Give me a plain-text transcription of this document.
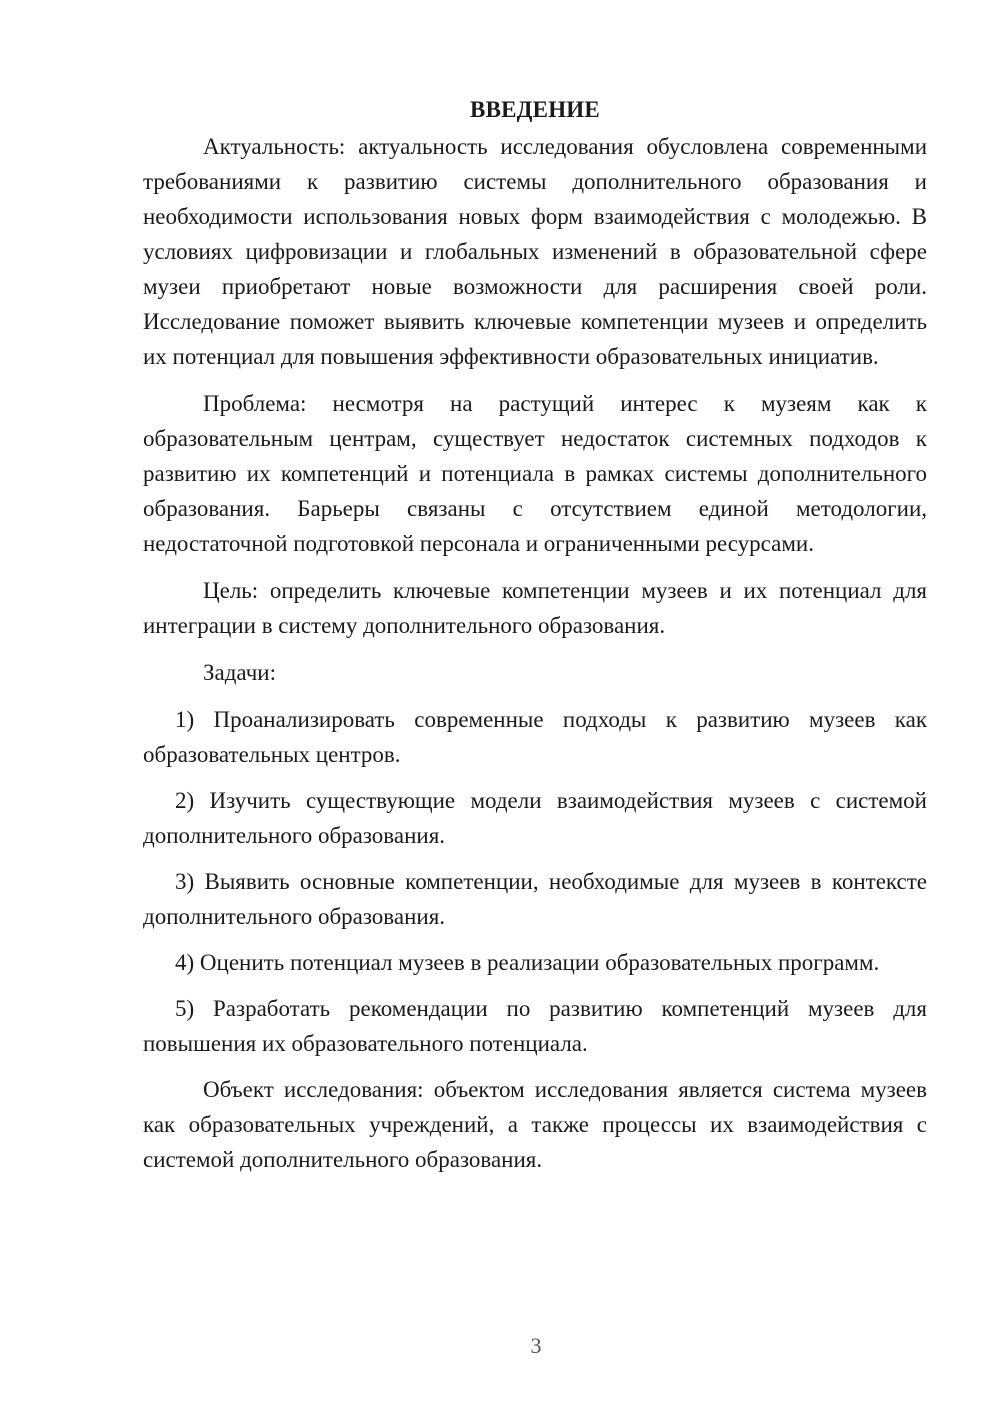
ВВЕДЕНИЕ

Актуальность: актуальность исследования обусловлена современными требованиями к развитию системы дополнительного образования и необходимости использования новых форм взаимодействия с молодежью. В условиях цифровизации и глобальных изменений в образовательной сфере музеи приобретают новые возможности для расширения своей роли. Исследование поможет выявить ключевые компетенции музеев и определить их потенциал для повышения эффективности образовательных инициатив.

Проблема: несмотря на растущий интерес к музеям как к образовательным центрам, существует недостаток системных подходов к развитию их компетенций и потенциала в рамках системы дополнительного образования. Барьеры связаны с отсутствием единой методологии, недостаточной подготовкой персонала и ограниченными ресурсами.

Цель: определить ключевые компетенции музеев и их потенциал для интеграции в систему дополнительного образования.

Задачи:

1) Проанализировать современные подходы к развитию музеев как образовательных центров.

2) Изучить существующие модели взаимодействия музеев с системой дополнительного образования.

3) Выявить основные компетенции, необходимые для музеев в контексте дополнительного образования.

4) Оценить потенциал музеев в реализации образовательных программ.

5) Разработать рекомендации по развитию компетенций музеев для повышения их образовательного потенциала.

Объект исследования: объектом исследования является система музеев как образовательных учреждений, а также процессы их взаимодействия с системой дополнительного образования.

3
